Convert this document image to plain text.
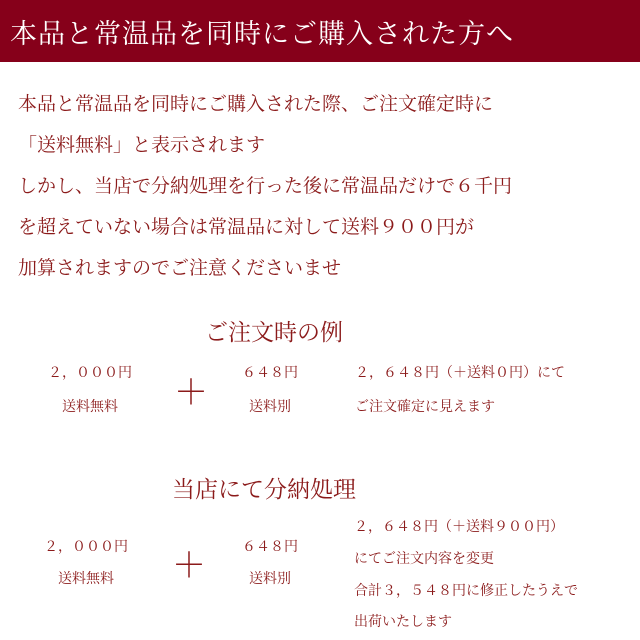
本品と常温品を同時にご購入された方へ
本品と常温品を同時にご購入された際、ご注文確定時に
「送料無料」と表示されます
しかし、当店で分納処理を行った後に常温品だけで６千円
を超えていない場合は常温品に対して送料９００円が
加算されますのでご注意くださいませ
ご注文時の例
２，０００円
送料無料	＋	６４８円
送料別
２，６４８円（＋送料０円）にて
ご注文確定に見えます
当店にて分納処理
２，０００円
送料無料	＋	６４８円
送料別
２，６４８円（＋送料９００円）
にてご注文内容を変更
合計３，５４８円に修正したうえで
出荷いたします
